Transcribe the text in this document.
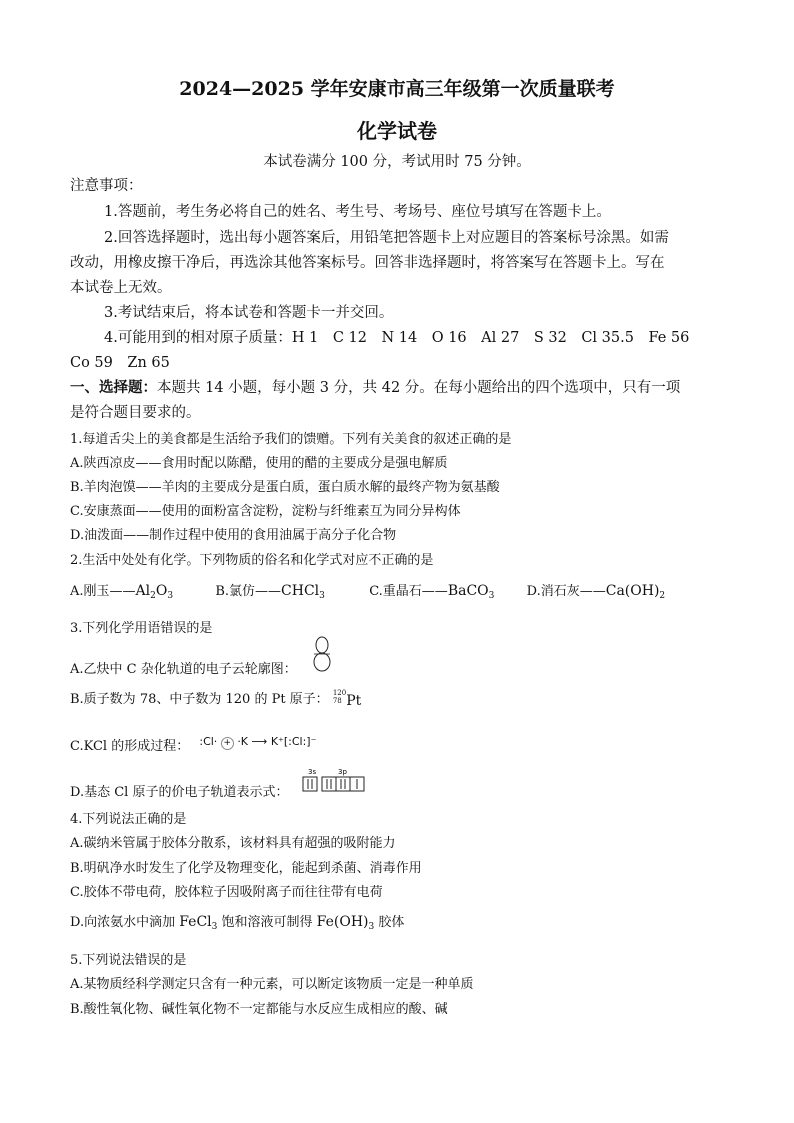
2024—2025 学年安康市高三年级第一次质量联考
化学试卷
本试卷满分 100 分，考试用时 75 分钟。
注意事项：
1.答题前，考生务必将自己的姓名、考生号、考场号、座位号填写在答题卡上。
2.回答选择题时，选出每小题答案后，用铅笔把答题卡上对应题目的答案标号涂黑。如需
改动，用橡皮擦干净后，再选涂其他答案标号。回答非选择题时，将答案写在答题卡上。写在
本试卷上无效。
3.考试结束后，将本试卷和答题卡一并交回。
4.可能用到的相对原子质量：H 1　C 12　N 14　O 16　Al 27　S 32　Cl 35.5　Fe 56
Co 59　Zn 65
一、选择题：本题共 14 小题，每小题 3 分，共 42 分。在每小题给出的四个选项中，只有一项
是符合题目要求的。
1.每道舌尖上的美食都是生活给予我们的馈赠。下列有关美食的叙述正确的是
A.陕西凉皮——食用时配以陈醋，使用的醋的主要成分是强电解质
B.羊肉泡馍——羊肉的主要成分是蛋白质，蛋白质水解的最终产物为氨基酸
C.安康蒸面——使用的面粉富含淀粉，淀粉与纤维素互为同分异构体
D.油泼面——制作过程中使用的食用油属于高分子化合物
2.生活中处处有化学。下列物质的俗名和化学式对应不正确的是
A.刚玉$——Al_2O_3$	B.氯仿——CHCl$_3$	C.重晶石——BaCO$_3$ D.消石灰$——Ca(OH)_2$
3.下列化学用语错误的是
A.乙炔中 C 杂化轨道的电子云轮廓图：
B.质子数为 78、中子数为 120 的 Pt 原子： 120
78 Pt
C.KCl 的形成过程： :Cl· + ·K ⟶ K⁺[:Cl:]⁻
D.基态 Cl 原子的价电子轨道表示式：
3s	3p
4.下列说法正确的是
A.碳纳米管属于胶体分散系，该材料具有超强的吸附能力
B.明矾净水时发生了化学及物理变化，能起到杀菌、消毒作用
C.胶体不带电荷，胶体粒子因吸附离子而往往带有电荷
D.向浓氨水中滴加 FeCl$_3$ 饱和溶液可制得 $Fe(OH)_3$ 胶体
5.下列说法错误的是
A.某物质经科学测定只含有一种元素，可以断定该物质一定是一种单质
B.酸性氧化物、碱性氧化物不一定都能与水反应生成相应的酸、碱
